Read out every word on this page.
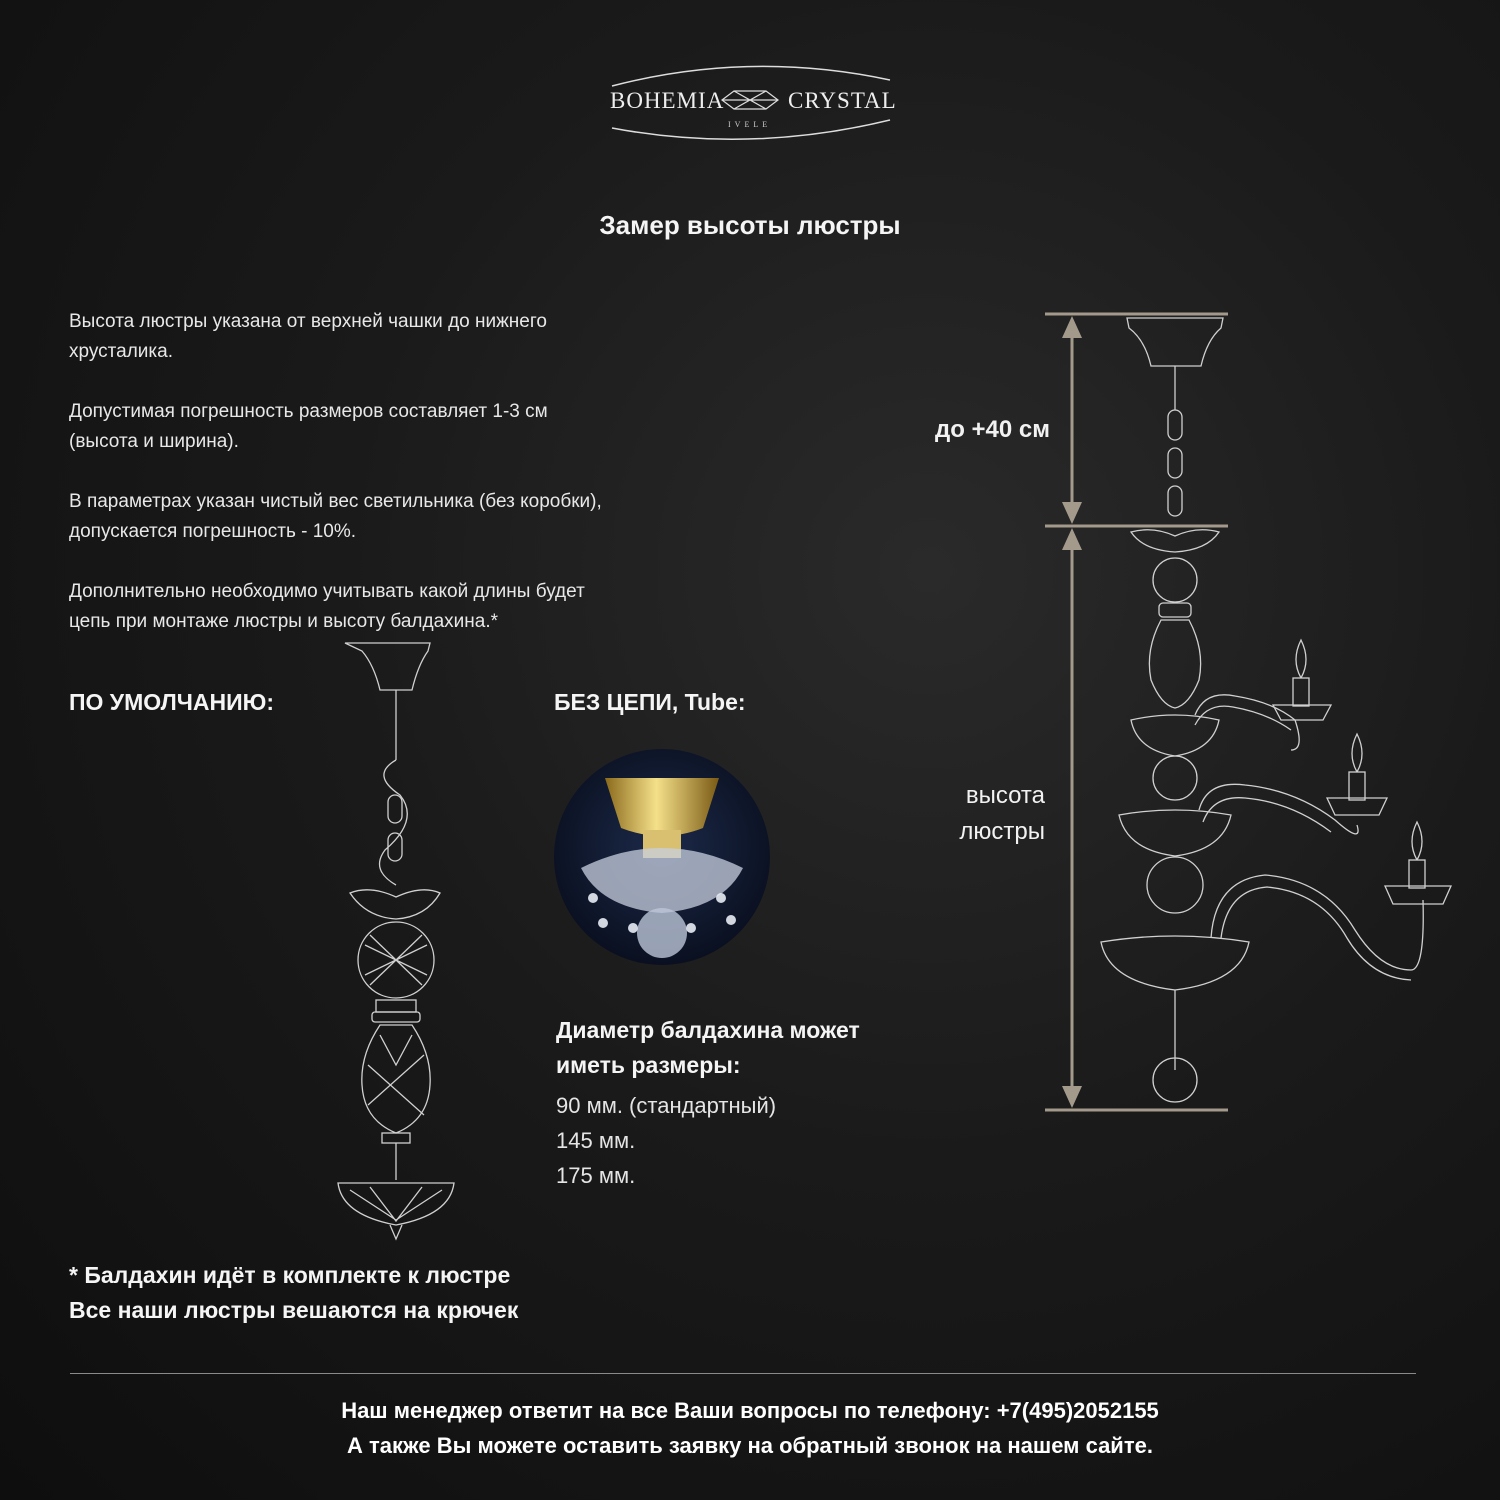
BOHEMIA	CRYSTAL
IVELE
Замер высоты люстры

Высота люстры указана от верхней чашки до нижнего хрусталика.

Допустимая погрешность размеров составляет 1-3 см (высота и ширина).

В параметрах указан чистый вес светильника (без коробки), допускается погрешность - 10%.

Дополнительно необходимо учитывать какой длины будет цепь при монтаже люстры и высоту балдахина.*

ПО УМОЛЧАНИЮ:	БЕЗ ЦЕПИ, Tube:
Диаметр балдахина может
иметь размеры:
90 мм. (стандартный)
145 мм.
175 мм.
до +40 см
высота
люстры
* Балдахин идёт в комплекте к люстре
Все наши люстры вешаются на крючек
Наш менеджер ответит на все Ваши вопросы по телефону: +7(495)2052155
А также Вы можете оставить заявку на обратный звонок на нашем сайте.
